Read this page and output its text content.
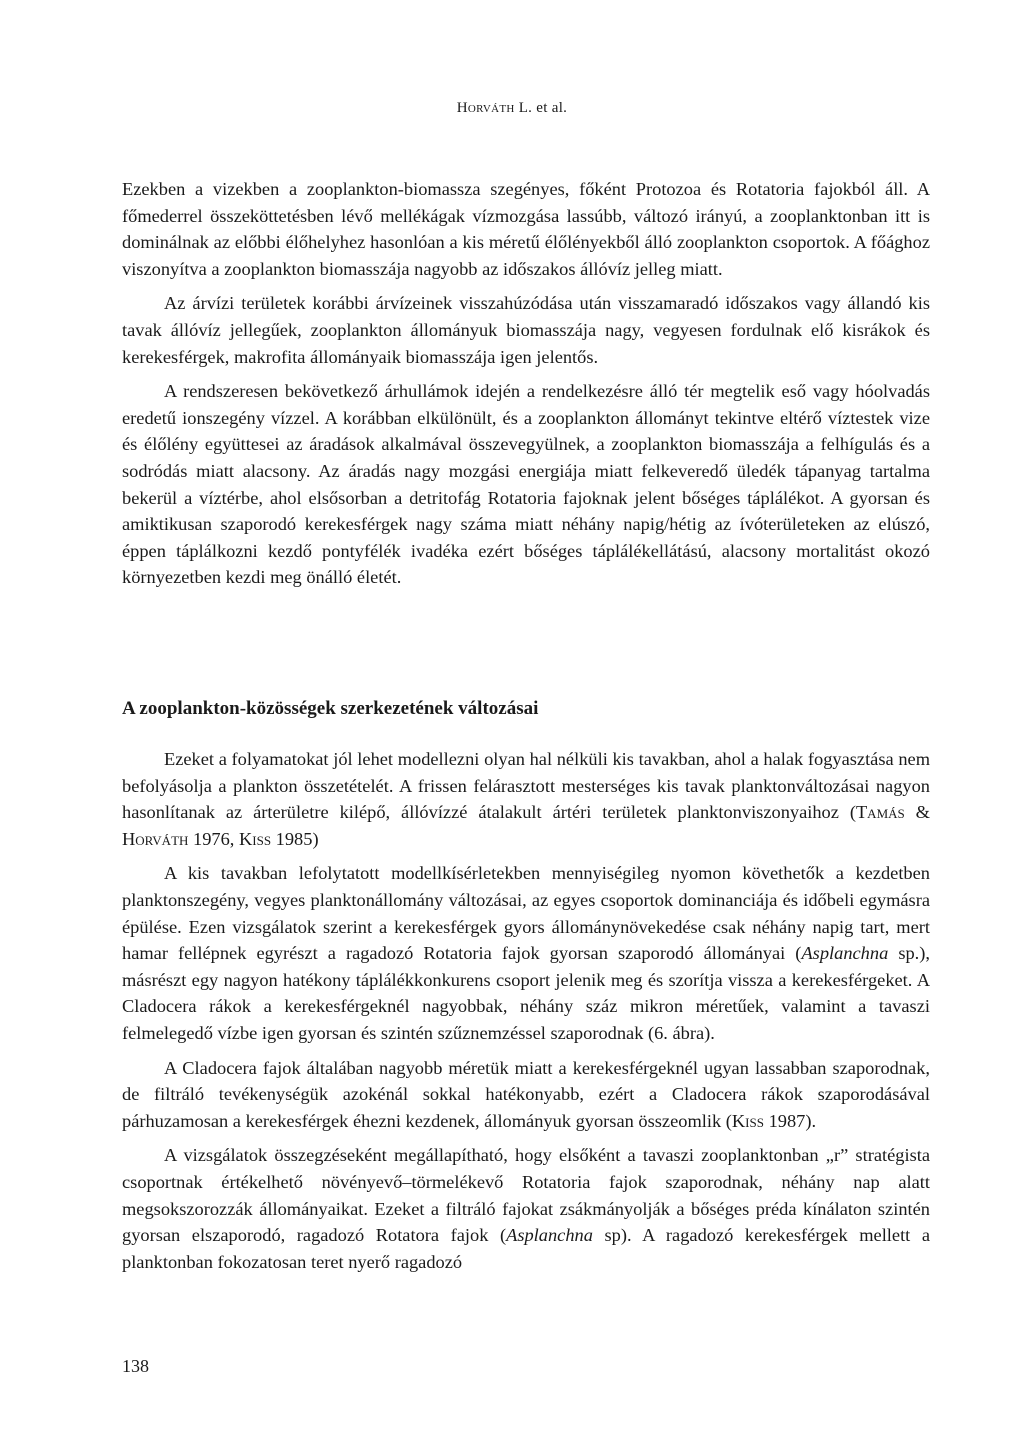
Horváth L. et al.

Ezekben a vizekben a zooplankton-biomassza szegényes, főként Protozoa és Rotatoria fajokból áll. A főmederrel összeköttetésben lévő mellékágak vízmozgása lassúbb, változó irányú, a zooplanktonban itt is dominálnak az előbbi élőhelyhez hasonlóan a kis méretű élőlényekből álló zooplankton csoportok. A főághoz viszonyítva a zooplankton biomasszája nagyobb az időszakos állóvíz jelleg miatt.

Az árvízi területek korábbi árvízeinek visszahúzódása után visszamaradó időszakos vagy állandó kis tavak állóvíz jellegűek, zooplankton állományuk biomasszája nagy, vegyesen fordulnak elő kisrákok és kerekesférgek, makrofita állományaik biomasszája igen jelentős.

A rendszeresen bekövetkező árhullámok idején a rendelkezésre álló tér megtelik eső vagy hóolvadás eredetű ionszegény vízzel. A korábban elkülönült, és a zooplankton állományt tekintve eltérő víztestek vize és élőlény együttesei az áradások alkalmával összevegyülnek, a zooplankton biomasszája a felhígulás és a sodródás miatt alacsony. Az áradás nagy mozgási energiája miatt felkeveredő üledék tápanyag tartalma bekerül a víztérbe, ahol elsősorban a detritofág Rotatoria fajoknak jelent bőséges táplálékot. A gyorsan és amiktikusan szaporodó kerekesférgek nagy száma miatt néhány napig/hétig az ívóterületeken az elúszó, éppen táplálkozni kezdő pontyfélék ivadéka ezért bőséges táplálékellátású, alacsony mortalitást okozó környezetben kezdi meg önálló életét.

A zooplankton-közösségek szerkezetének változásai

Ezeket a folyamatokat jól lehet modellezni olyan hal nélküli kis tavakban, ahol a halak fogyasztása nem befolyásolja a plankton összetételét. A frissen felárasztott mesterséges kis tavak planktonváltozásai nagyon hasonlítanak az árterületre kilépő, állóvízzé átalakult ártéri területek planktonviszonyaihoz (Tamás & Horváth 1976, Kiss 1985)

A kis tavakban lefolytatott modellkísérletekben mennyiségileg nyomon követhetők a kezdetben planktonszegény, vegyes planktonállomány változásai, az egyes csoportok dominanciája és időbeli egymásra épülése. Ezen vizsgálatok szerint a kerekesférgek gyors állománynövekedése csak néhány napig tart, mert hamar fellépnek egyrészt a ragadozó Rotatoria fajok gyorsan szaporodó állományai (Asplanchna sp.), másrészt egy nagyon hatékony táplálékkonkurens csoport jelenik meg és szorítja vissza a kerekesférgeket. A Cladocera rákok a kerekesférgeknél nagyobbak, néhány száz mikron méretűek, valamint a tavaszi felmelegedő vízbe igen gyorsan és szintén szűznemzéssel szaporodnak (6. ábra).

A Cladocera fajok általában nagyobb méretük miatt a kerekesférgeknél ugyan lassabban szaporodnak, de filtráló tevékenységük azokénál sokkal hatékonyabb, ezért a Cladocera rákok szaporodásával párhuzamosan a kerekesférgek éhezni kezdenek, állományuk gyorsan összeomlik (Kiss 1987).

A vizsgálatok összegzéseként megállapítható, hogy elsőként a tavaszi zooplanktonban „r” stratégista csoportnak értékelhető növényevő–törmelékevő Rotatoria fajok szaporodnak, néhány nap alatt megsokszorozzák állományaikat. Ezeket a filtráló fajokat zsákmányolják a bőséges préda kínálaton szintén gyorsan elszaporodó, ragadozó Rotatora fajok (Asplanchna sp). A ragadozó kerekesférgek mellett a planktonban fokozatosan teret nyerő ragadozó

138
